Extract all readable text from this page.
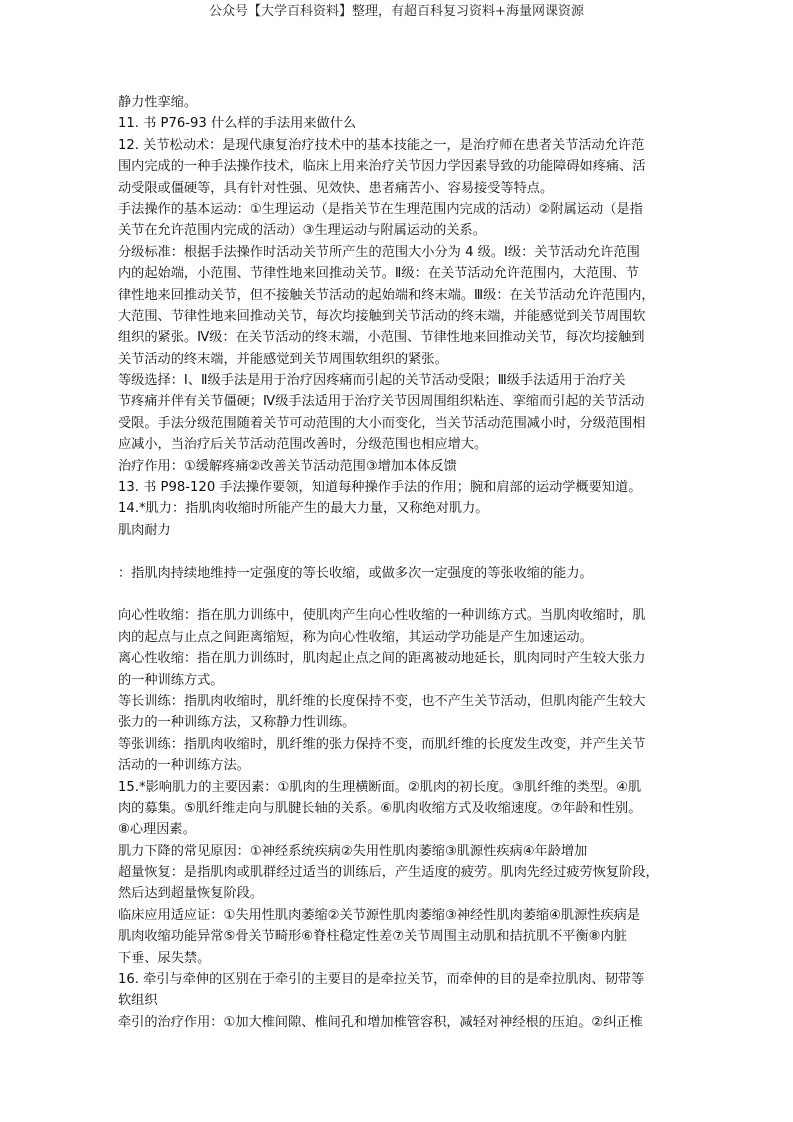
公众号【大学百科资料】整理，有超百科复习资料+海量网课资源
静力性挛缩。
11. 书 P76-93 什么样的手法用来做什么
12. 关节松动术：是现代康复治疗技术中的基本技能之一，是治疗师在患者关节活动允许范
围内完成的一种手法操作技术，临床上用来治疗关节因力学因素导致的功能障碍如疼痛、活
动受限或僵硬等，具有针对性强、见效快、患者痛苦小、容易接受等特点。
手法操作的基本运动：①生理运动（是指关节在生理范围内完成的活动）②附属运动（是指
关节在允许范围内完成的活动）③生理运动与附属运动的关系。
分级标准：根据手法操作时活动关节所产生的范围大小分为 4 级。Ⅰ级：关节活动允许范围
内的起始端，小范围、节律性地来回推动关节。Ⅱ级：在关节活动允许范围内，大范围、节
律性地来回推动关节，但不接触关节活动的起始端和终末端。Ⅲ级：在关节活动允许范围内，
大范围、节律性地来回推动关节，每次均接触到关节活动的终末端，并能感觉到关节周围软
组织的紧张。Ⅳ级：在关节活动的终末端，小范围、节律性地来回推动关节，每次均接触到
关节活动的终末端，并能感觉到关节周围软组织的紧张。
等级选择：Ⅰ、Ⅱ级手法是用于治疗因疼痛而引起的关节活动受限；Ⅲ级手法适用于治疗关
节疼痛并伴有关节僵硬；Ⅳ级手法适用于治疗关节因周围组织粘连、挛缩而引起的关节活动
受限。手法分级范围随着关节可动范围的大小而变化，当关节活动范围减小时，分级范围相
应减小，当治疗后关节活动范围改善时，分级范围也相应增大。
治疗作用：①缓解疼痛②改善关节活动范围③增加本体反馈
13. 书 P98-120 手法操作要领，知道每种操作手法的作用；腕和肩部的运动学概要知道。
14.*肌力：指肌肉收缩时所能产生的最大力量，又称绝对肌力。
肌肉耐力
：指肌肉持续地维持一定强度的等长收缩，或做多次一定强度的等张收缩的能力。
向心性收缩：指在肌力训练中，使肌肉产生向心性收缩的一种训练方式。当肌肉收缩时，肌
肉的起点与止点之间距离缩短，称为向心性收缩，其运动学功能是产生加速运动。
离心性收缩：指在肌力训练时，肌肉起止点之间的距离被动地延长，肌肉同时产生较大张力
的一种训练方式。
等长训练：指肌肉收缩时，肌纤维的长度保持不变，也不产生关节活动，但肌肉能产生较大
张力的一种训练方法，又称静力性训练。
等张训练：指肌肉收缩时，肌纤维的张力保持不变，而肌纤维的长度发生改变，并产生关节
活动的一种训练方法。
15.*影响肌力的主要因素：①肌肉的生理横断面。②肌肉的初长度。③肌纤维的类型。④肌
肉的募集。⑤肌纤维走向与肌腱长轴的关系。⑥肌肉收缩方式及收缩速度。⑦年龄和性别。
⑧心理因素。
肌力下降的常见原因：①神经系统疾病②失用性肌肉萎缩③肌源性疾病④年龄增加
超量恢复：是指肌肉或肌群经过适当的训练后，产生适度的疲劳。肌肉先经过疲劳恢复阶段，
然后达到超量恢复阶段。
临床应用适应证：①失用性肌肉萎缩②关节源性肌肉萎缩③神经性肌肉萎缩④肌源性疾病是
肌肉收缩功能异常⑤骨关节畸形⑥脊柱稳定性差⑦关节周围主动肌和拮抗肌不平衡⑧内脏
下垂、尿失禁。
16. 牵引与牵伸的区别在于牵引的主要目的是牵拉关节，而牵伸的目的是牵拉肌肉、韧带等
软组织
牵引的治疗作用：①加大椎间隙、椎间孔和增加椎管容积，减轻对神经根的压迫。②纠正椎
